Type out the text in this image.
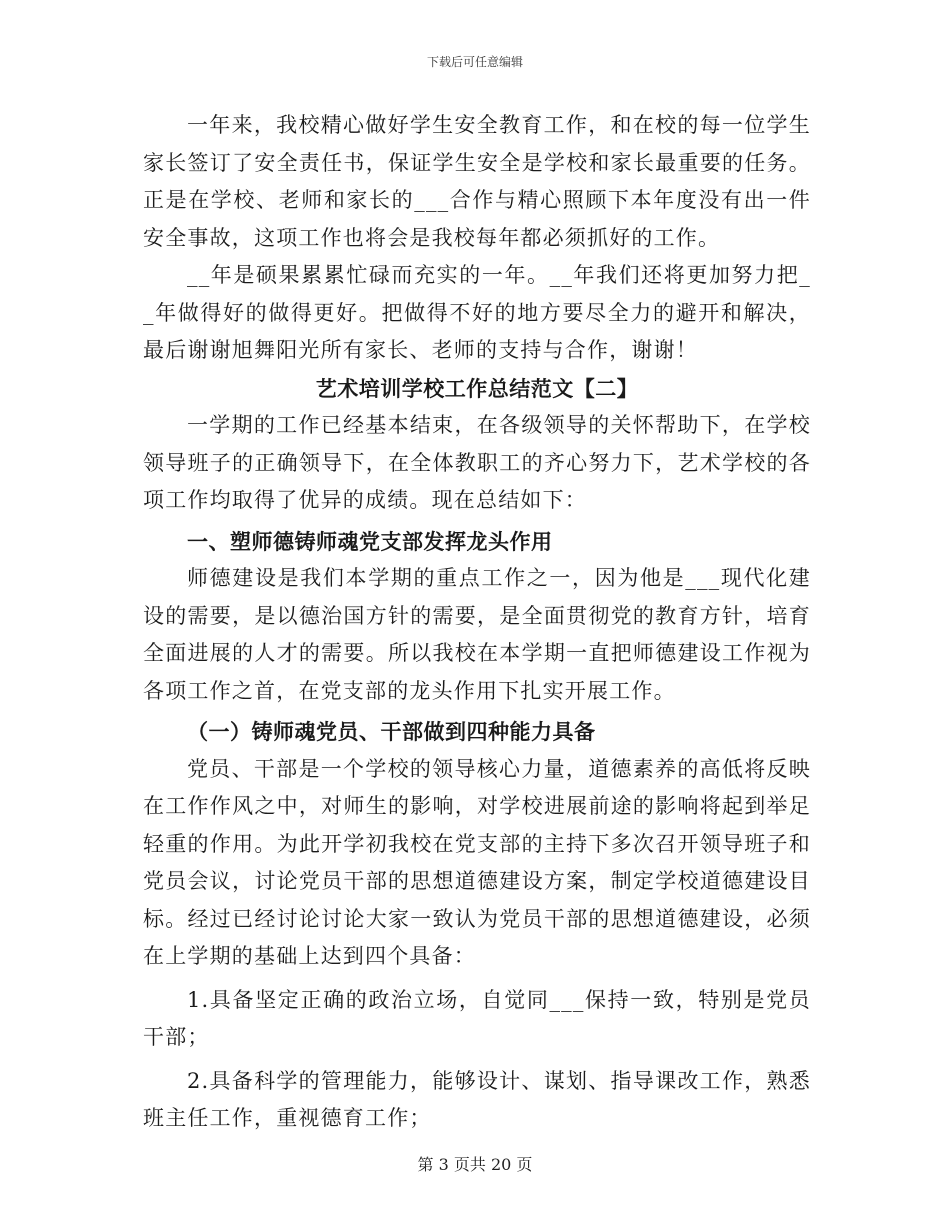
下载后可任意编辑

一年来，我校精心做好学生安全教育工作，和在校的每一位学生家长签订了安全责任书，保证学生安全是学校和家长最重要的任务。正是在学校、老师和家长的___合作与精心照顾下本年度没有出一件安全事故，这项工作也将会是我校每年都必须抓好的工作。

__年是硕果累累忙碌而充实的一年。__年我们还将更加努力把__年做得好的做得更好。把做得不好的地方要尽全力的避开和解决，最后谢谢旭舞阳光所有家长、老师的支持与合作，谢谢！

艺术培训学校工作总结范文【二】

一学期的工作已经基本结束，在各级领导的关怀帮助下，在学校领导班子的正确领导下，在全体教职工的齐心努力下，艺术学校的各项工作均取得了优异的成绩。现在总结如下：

一、塑师德铸师魂党支部发挥龙头作用

师德建设是我们本学期的重点工作之一，因为他是___现代化建设的需要，是以德治国方针的需要，是全面贯彻党的教育方针，培育全面进展的人才的需要。所以我校在本学期一直把师德建设工作视为各项工作之首，在党支部的龙头作用下扎实开展工作。

（一）铸师魂党员、干部做到四种能力具备

党员、干部是一个学校的领导核心力量，道德素养的高低将反映在工作作风之中，对师生的影响，对学校进展前途的影响将起到举足轻重的作用。为此开学初我校在党支部的主持下多次召开领导班子和党员会议，讨论党员干部的思想道德建设方案，制定学校道德建设目标。经过已经讨论讨论大家一致认为党员干部的思想道德建设，必须在上学期的基础上达到四个具备：

1.具备坚定正确的政治立场，自觉同___保持一致，特别是党员干部；

2.具备科学的管理能力，能够设计、谋划、指导课改工作，熟悉班主任工作，重视德育工作；

第 3 页共 20 页
